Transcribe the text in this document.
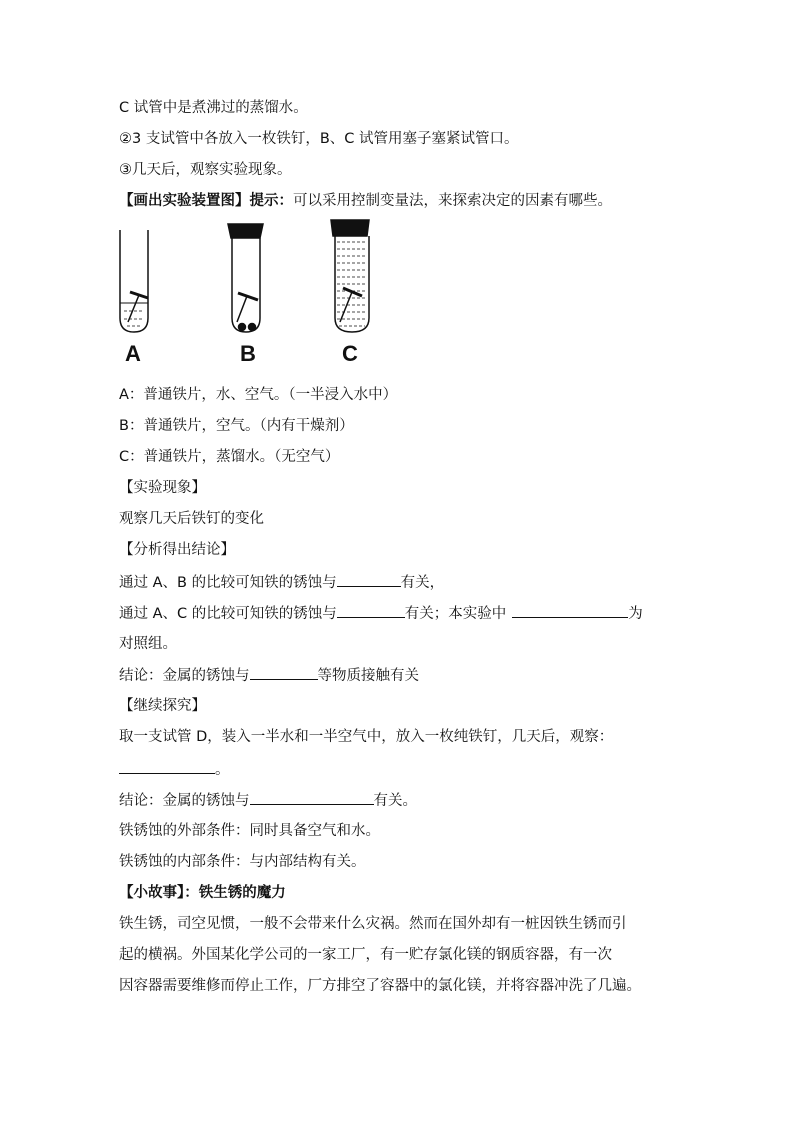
C 试管中是煮沸过的蒸馏水。
②3 支试管中各放入一枚铁钉，B、C 试管用塞子塞紧试管口。
③几天后，观察实验现象。
【画出实验装置图】提示：可以采用控制变量法，来探索决定的因素有哪些。
A	B	C
A：普通铁片，水、空气。（一半浸入水中）
B：普通铁片，空气。（内有干燥剂）
C：普通铁片，蒸馏水。（无空气）
【实验现象】
观察几天后铁钉的变化
【分析得出结论】
通过 A、B 的比较可知铁的锈蚀与	有关，
通过 A、C 的比较可知铁的锈蚀与	有关；本实验中	为
对照组。
结论：金属的锈蚀与	等物质接触有关
【继续探究】
取一支试管 D，装入一半水和一半空气中，放入一枚纯铁钉，几天后，观察：
。
结论：金属的锈蚀与	有关。
铁锈蚀的外部条件：同时具备空气和水。
铁锈蚀的内部条件：与内部结构有关。
【小故事】：铁生锈的魔力
铁生锈，司空见惯，一般不会带来什么灾祸。然而在国外却有一桩因铁生锈而引
起的横祸。外国某化学公司的一家工厂，有一贮存氯化镁的钢质容器，有一次
因容器需要维修而停止工作，厂方排空了容器中的氯化镁，并将容器冲洗了几遍。
